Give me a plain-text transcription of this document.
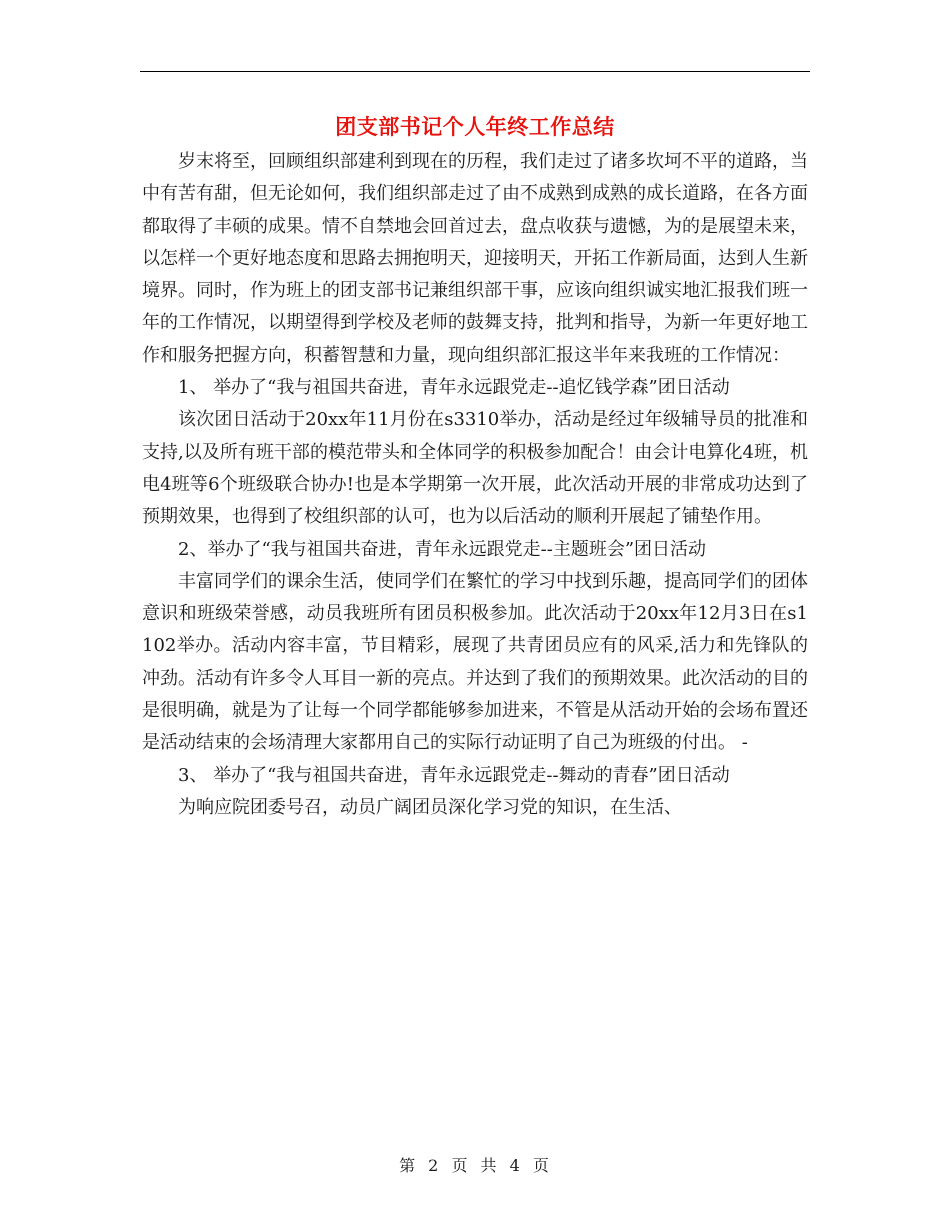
团支部书记个人年终工作总结

岁末将至，回顾组织部建利到现在的历程，我们走过了诸多坎坷不平的道路，当中有苦有甜，但无论如何，我们组织部走过了由不成熟到成熟的成长道路，在各方面都取得了丰硕的成果。情不自禁地会回首过去，盘点收获与遗憾，为的是展望未来，以怎样一个更好地态度和思路去拥抱明天，迎接明天，开拓工作新局面，达到人生新境界。同时，作为班上的团支部书记兼组织部干事，应该向组织诚实地汇报我们班一年的工作情况，以期望得到学校及老师的鼓舞支持，批判和指导，为新一年更好地工作和服务把握方向，积蓄智慧和力量，现向组织部汇报这半年来我班的工作情况：

1、 举办了“我与祖国共奋进，青年永远跟党走--追忆钱学森”团日活动

该次团日活动于20xx年11月份在s3310举办，活动是经过年级辅导员的批准和支持,以及所有班干部的模范带头和全体同学的积极参加配合！由会计电算化4班，机电4班等6个班级联合协办!也是本学期第一次开展，此次活动开展的非常成功达到了预期效果，也得到了校组织部的认可，也为以后活动的顺利开展起了铺垫作用。

2、举办了“我与祖国共奋进，青年永远跟党走--主题班会”团日活动

丰富同学们的课余生活，使同学们在繁忙的学习中找到乐趣，提高同学们的团体意识和班级荣誉感，动员我班所有团员积极参加。此次活动于20xx年12月3日在s1102举办。活动内容丰富，节目精彩，展现了共青团员应有的风采,活力和先锋队的冲劲。活动有许多令人耳目一新的亮点。并达到了我们的预期效果。此次活动的目的是很明确，就是为了让每一个同学都能够参加进来，不管是从活动开始的会场布置还是活动结束的会场清理大家都用自己的实际行动证明了自己为班级的付出。 -

3、 举办了“我与祖国共奋进，青年永远跟党走--舞动的青春”团日活动

为响应院团委号召，动员广阔团员深化学习党的知识，在生活、

第 2 页 共 4 页
